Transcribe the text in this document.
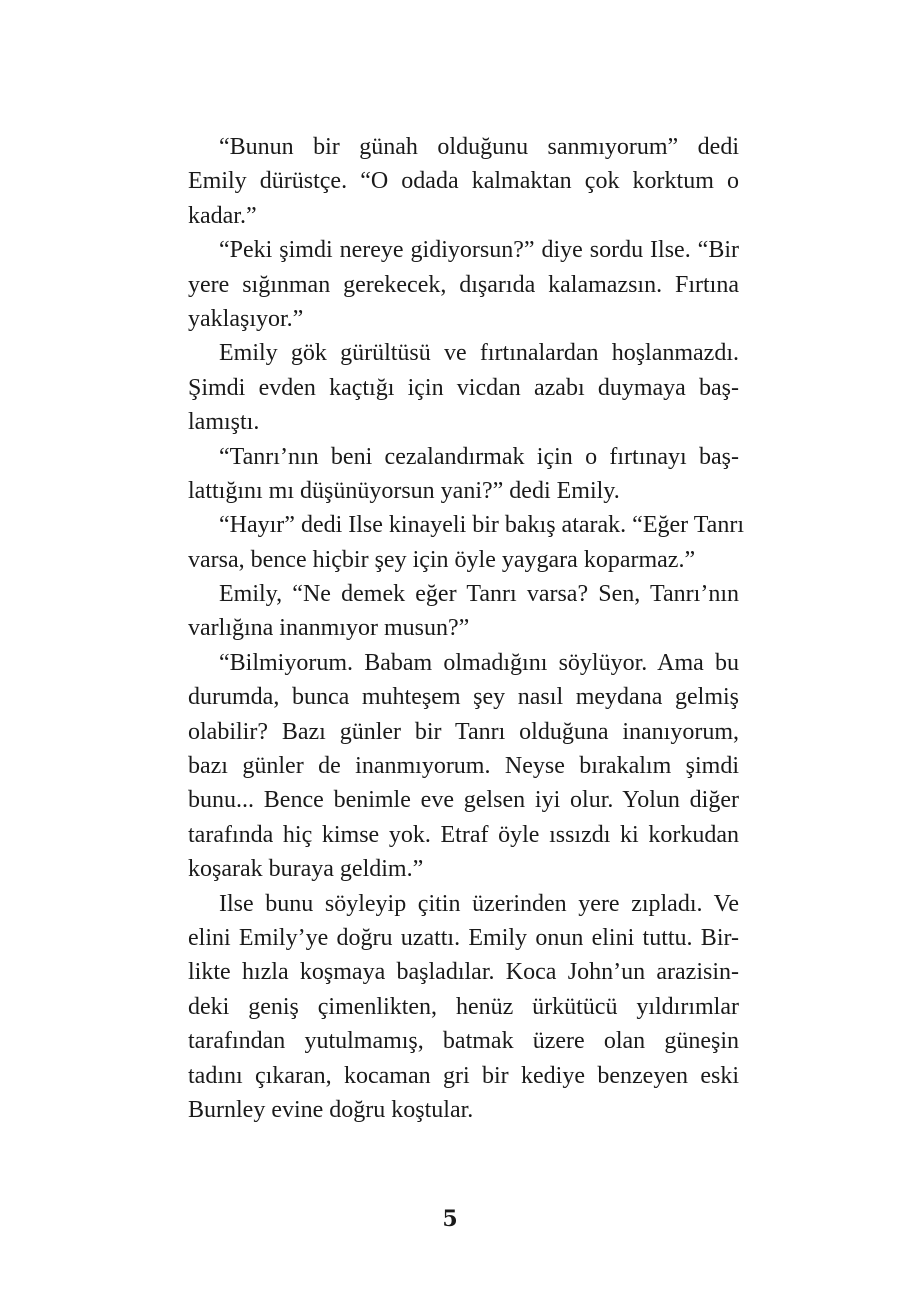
“Bunun bir günah olduğunu sanmıyorum” dedi
Emily dürüstçe. “O odada kalmaktan çok korktum o
kadar.”
“Peki şimdi nereye gidiyorsun?” diye sordu Ilse. “Bir
yere sığınman gerekecek, dışarıda kalamazsın. Fırtına
yaklaşıyor.”
Emily gök gürültüsü ve fırtınalardan hoşlanmazdı.
Şimdi evden kaçtığı için vicdan azabı duymaya baş-
lamıştı.
“Tanrı’nın beni cezalandırmak için o fırtınayı baş-
lattığını mı düşünüyorsun yani?” dedi Emily.
“Hayır” dedi Ilse kinayeli bir bakış atarak. “Eğer Tanrı
varsa, bence hiçbir şey için öyle yaygara koparmaz.”
Emily, “Ne demek eğer Tanrı varsa? Sen, Tanrı’nın
varlığına inanmıyor musun?”
“Bilmiyorum. Babam olmadığını söylüyor. Ama bu
durumda, bunca muhteşem şey nasıl meydana gelmiş
olabilir? Bazı günler bir Tanrı olduğuna inanıyorum,
bazı günler de inanmıyorum. Neyse bırakalım şimdi
bunu... Bence benimle eve gelsen iyi olur. Yolun diğer
tarafında hiç kimse yok. Etraf öyle ıssızdı ki korkudan
koşarak buraya geldim.”
Ilse bunu söyleyip çitin üzerinden yere zıpladı. Ve
elini Emily’ye doğru uzattı. Emily onun elini tuttu. Bir-
likte hızla koşmaya başladılar. Koca John’un arazisin-
deki geniş çimenlikten, henüz ürkütücü yıldırımlar
tarafından yutulmamış, batmak üzere olan güneşin
tadını çıkaran, kocaman gri bir kediye benzeyen eski
Burnley evine doğru koştular.
5
